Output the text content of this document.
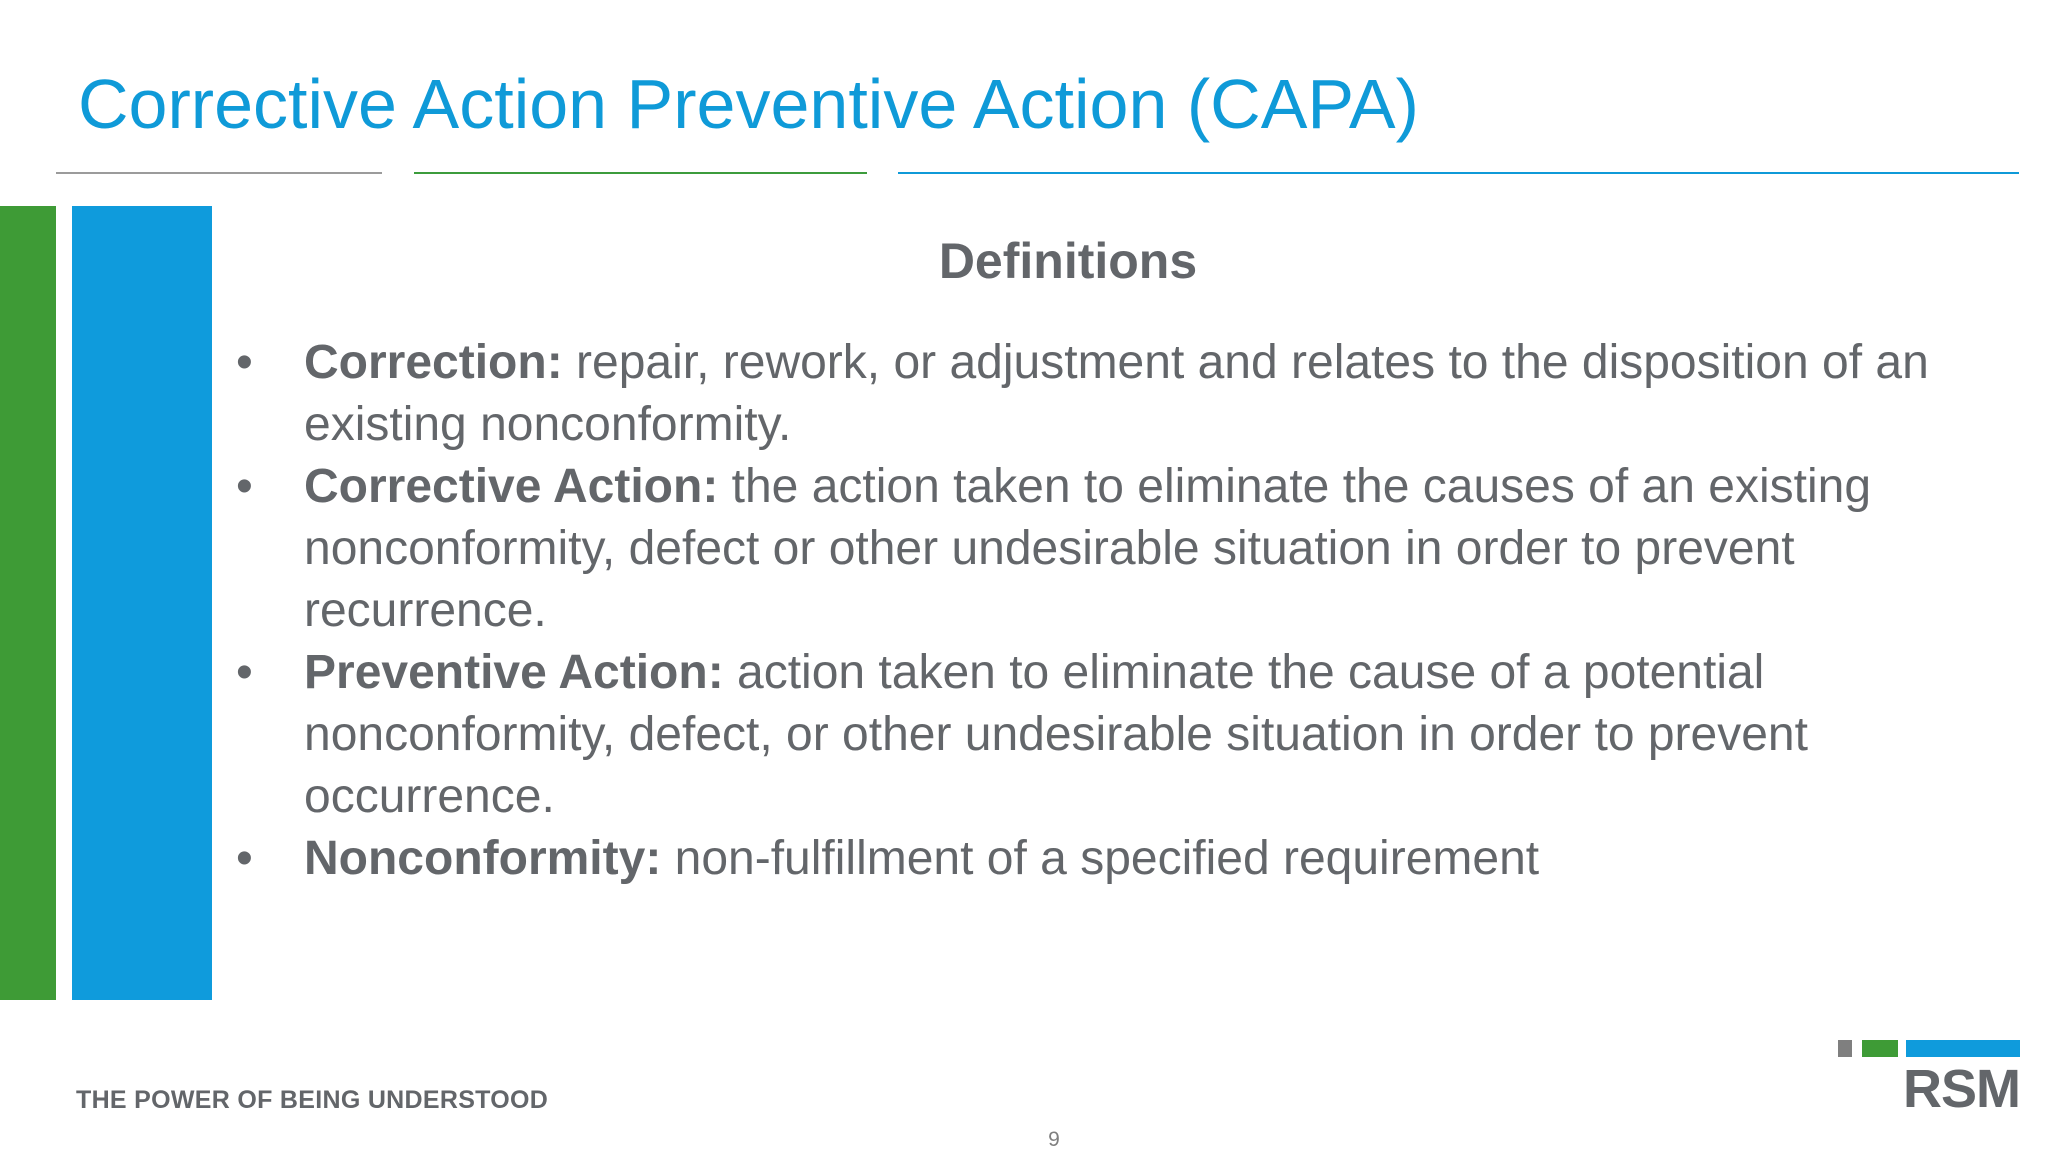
Corrective Action Preventive Action (CAPA)
Definitions
• Correction: repair, rework, or adjustment and relates to the disposition of an existing nonconformity.
• Corrective Action: the action taken to eliminate the causes of an existing nonconformity, defect or other undesirable situation in order to prevent recurrence.
• Preventive Action: action taken to eliminate the cause of a potential nonconformity, defect, or other undesirable situation in order to prevent occurrence.
• Nonconformity: non-fulfillment of a specified requirement
THE POWER OF BEING UNDERSTOOD
9
RSM
